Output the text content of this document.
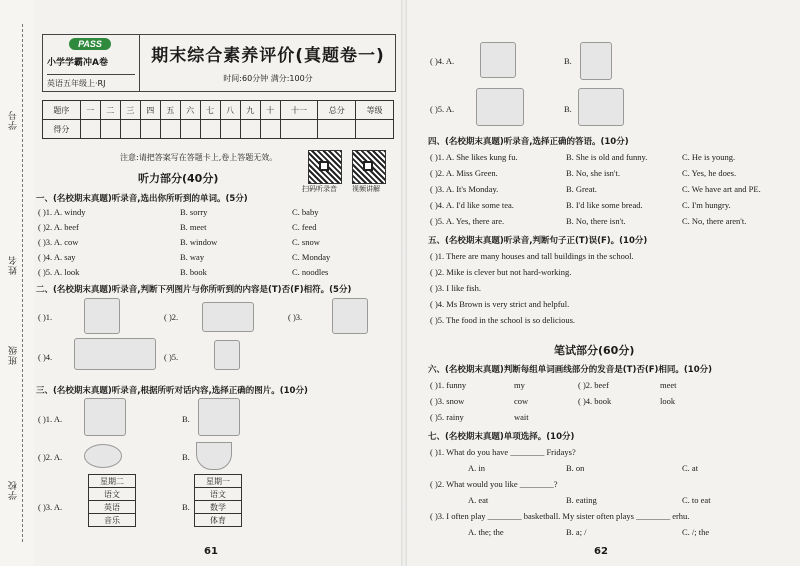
学号
姓名
班级
学校
PASS
小学学霸冲A卷
英语五年级上·RJ
期末综合素养评价(真题卷一)
时间:60分钟 满分:100分
题序	一	二	三	四	五	六	七	八	九	十	十一	总分	等级
得分													
注意:请把答案写在答题卡上,卷上答题无效。
扫码听录音 视频讲解
听力部分(40分)
一、(名校期末真题)听录音,选出你所听到的单词。(5分)
( )1. A. windy	B. sorry	C. baby
( )2. A. beef	B. meet	C. feed
( )3. A. cow	B. window	C. snow
( )4. A. say	B. way	C. Monday
( )5. A. look	B. book	C. noodles
二、(名校期末真题)听录音,判断下列图片与你所听到的内容是(T)否(F)相符。(5分)
( )1.	( )2.	( )3.
( )4.	( )5.
三、(名校期末真题)听录音,根据所听对话内容,选择正确的图片。(10分)
( )1. A.	B.
( )2. A.	B.
( )3. A.
星期二
语文
英语
音乐
B.
星期一
语文
数学
体育
61
( )4. A.	B.
( )5. A.	B.
四、(名校期末真题)听录音,选择正确的答语。(10分)
( )1. A. She likes kung fu.	B. She is old and funny.	C. He is young.
( )2. A. Miss Green.	B. No, she isn't.	C. Yes, he does.
( )3. A. It's Monday.	B. Great.	C. We have art and PE.
( )4. A. I'd like some tea.	B. I'd like some bread.	C. I'm hungry.
( )5. A. Yes, there are.	B. No, there isn't.	C. No, there aren't.
五、(名校期末真题)听录音,判断句子正(T)误(F)。(10分)
( )1. There are many houses and tall buildings in the school.
( )2. Mike is clever but not hard-working.
( )3. I like fish.
( )4. Ms Brown is very strict and helpful.
( )5. The food in the school is so delicious.
笔试部分(60分)
六、(名校期末真题)判断每组单词画线部分的发音是(T)否(F)相同。(10分)
( )1. funny	my	( )2. beef	meet
( )3. snow	cow	( )4. book	look
( )5. rainy	wait
七、(名校期末真题)单项选择。(10分)
( )1. What do you have ________ Fridays?
A. in	B. on	C. at
( )2. What would you like ________?
A. eat	B. eating	C. to eat
( )3. I often play ________ basketball. My sister often plays ________ erhu.
A. the; the	B. a; /	C. /; the
62
